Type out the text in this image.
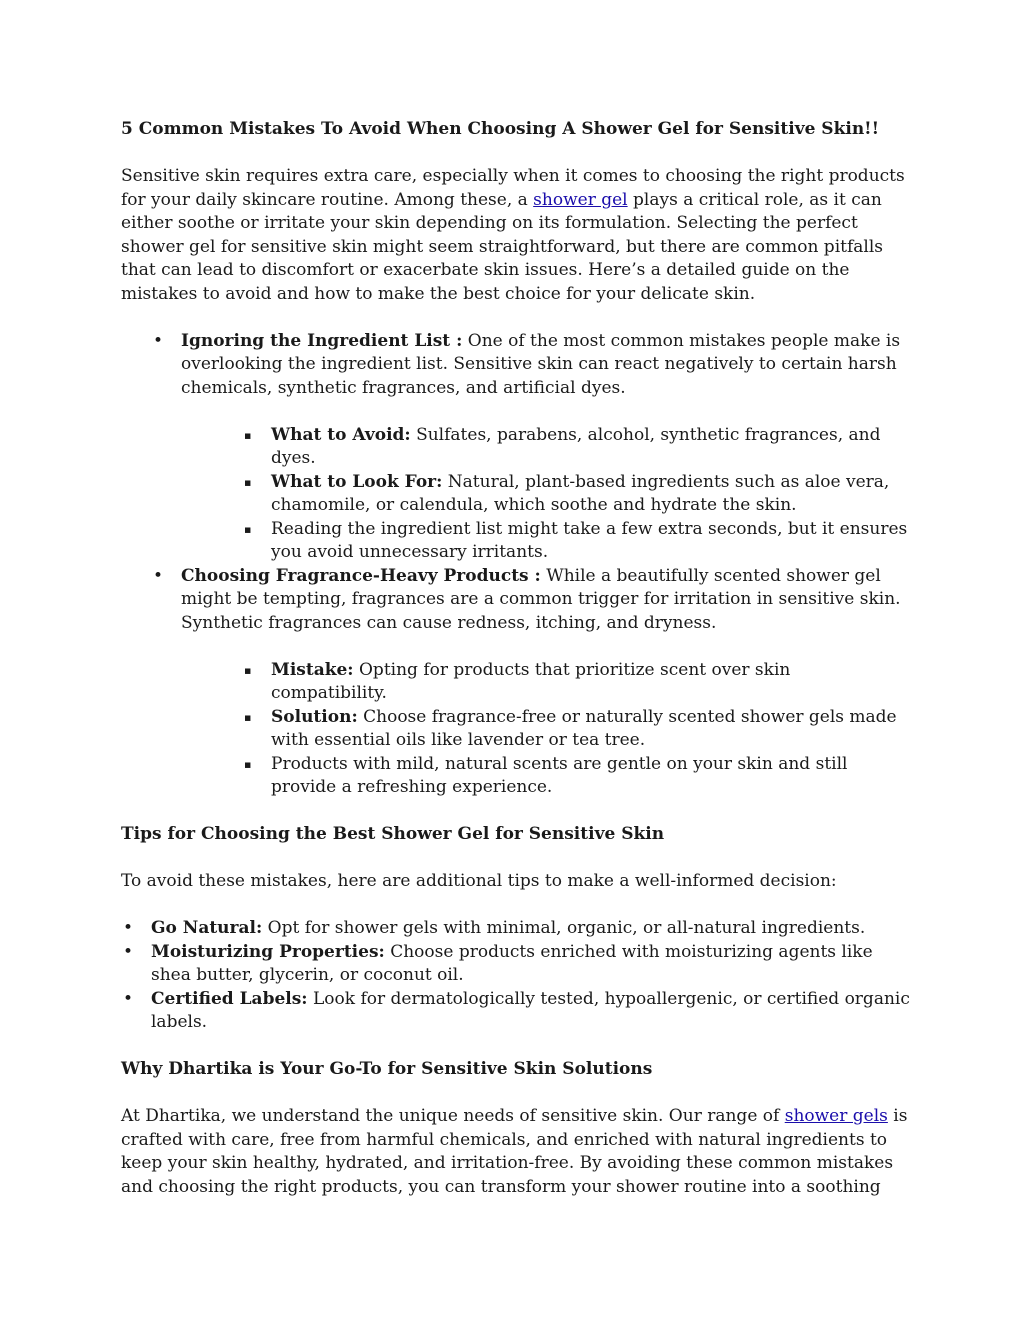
5 Common Mistakes To Avoid When Choosing A Shower Gel for Sensitive Skin!!

Sensitive skin requires extra care, especially when it comes to choosing the right products for your daily skincare routine. Among these, a shower gel plays a critical role, as it can either soothe or irritate your skin depending on its formulation. Selecting the perfect shower gel for sensitive skin might seem straightforward, but there are common pitfalls that can lead to discomfort or exacerbate skin issues. Here’s a detailed guide on the mistakes to avoid and how to make the best choice for your delicate skin.

• Ignoring the Ingredient List : One of the most common mistakes people make is overlooking the ingredient list. Sensitive skin can react negatively to certain harsh chemicals, synthetic fragrances, and artificial dyes.
▪ What to Avoid: Sulfates, parabens, alcohol, synthetic fragrances, and dyes.
▪ What to Look For: Natural, plant-based ingredients such as aloe vera, chamomile, or calendula, which soothe and hydrate the skin.
▪ Reading the ingredient list might take a few extra seconds, but it ensures you avoid unnecessary irritants.
• Choosing Fragrance-Heavy Products : While a beautifully scented shower gel might be tempting, fragrances are a common trigger for irritation in sensitive skin. Synthetic fragrances can cause redness, itching, and dryness.
▪ Mistake: Opting for products that prioritize scent over skin compatibility.
▪ Solution: Choose fragrance-free or naturally scented shower gels made with essential oils like lavender or tea tree.
▪ Products with mild, natural scents are gentle on your skin and still provide a refreshing experience.
Tips for Choosing the Best Shower Gel for Sensitive Skin

To avoid these mistakes, here are additional tips to make a well-informed decision:

• Go Natural: Opt for shower gels with minimal, organic, or all-natural ingredients.
• Moisturizing Properties: Choose products enriched with moisturizing agents like shea butter, glycerin, or coconut oil.
• Certified Labels: Look for dermatologically tested, hypoallergenic, or certified organic labels.
Why Dhartika is Your Go-To for Sensitive Skin Solutions

At Dhartika, we understand the unique needs of sensitive skin. Our range of shower gels is crafted with care, free from harmful chemicals, and enriched with natural ingredients to keep your skin healthy, hydrated, and irritation-free. By avoiding these common mistakes and choosing the right products, you can transform your shower routine into a soothing
